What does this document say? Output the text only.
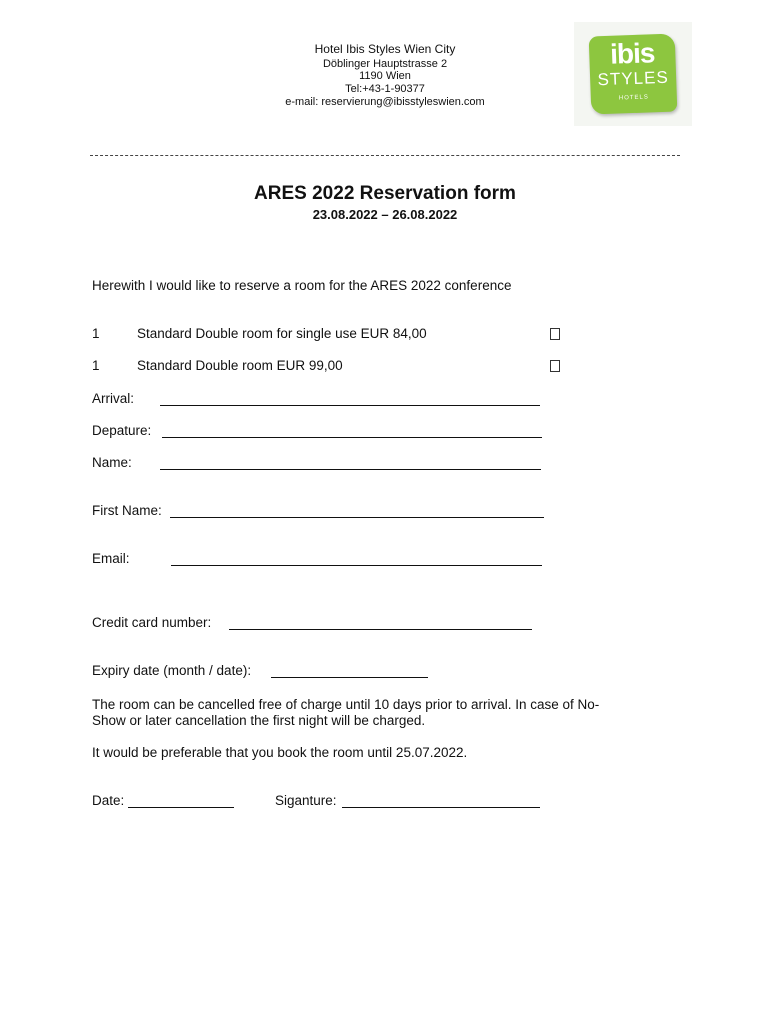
Hotel Ibis Styles Wien City
Döblinger Hauptstrasse 2
1190 Wien
Tel:+43-1-90377
e-mail: reservierung@ibisstyleswien.com
ibis
STYLES
HOTELS
ARES 2022 Reservation form
23.08.2022 – 26.08.2022
Herewith I would like to reserve a room for the ARES 2022 conference
1	Standard Double room for single use EUR 84,00
1	Standard Double room EUR 99,00
Arrival:
Depature:
Name:
First Name:
Email:
Credit card number:
Expiry date (month / date):
The room can be cancelled free of charge until 10 days prior to arrival. In case of No-
Show or later cancellation the first night will be charged.
It would be preferable that you book the room until 25.07.2022.
Date:	Siganture:
